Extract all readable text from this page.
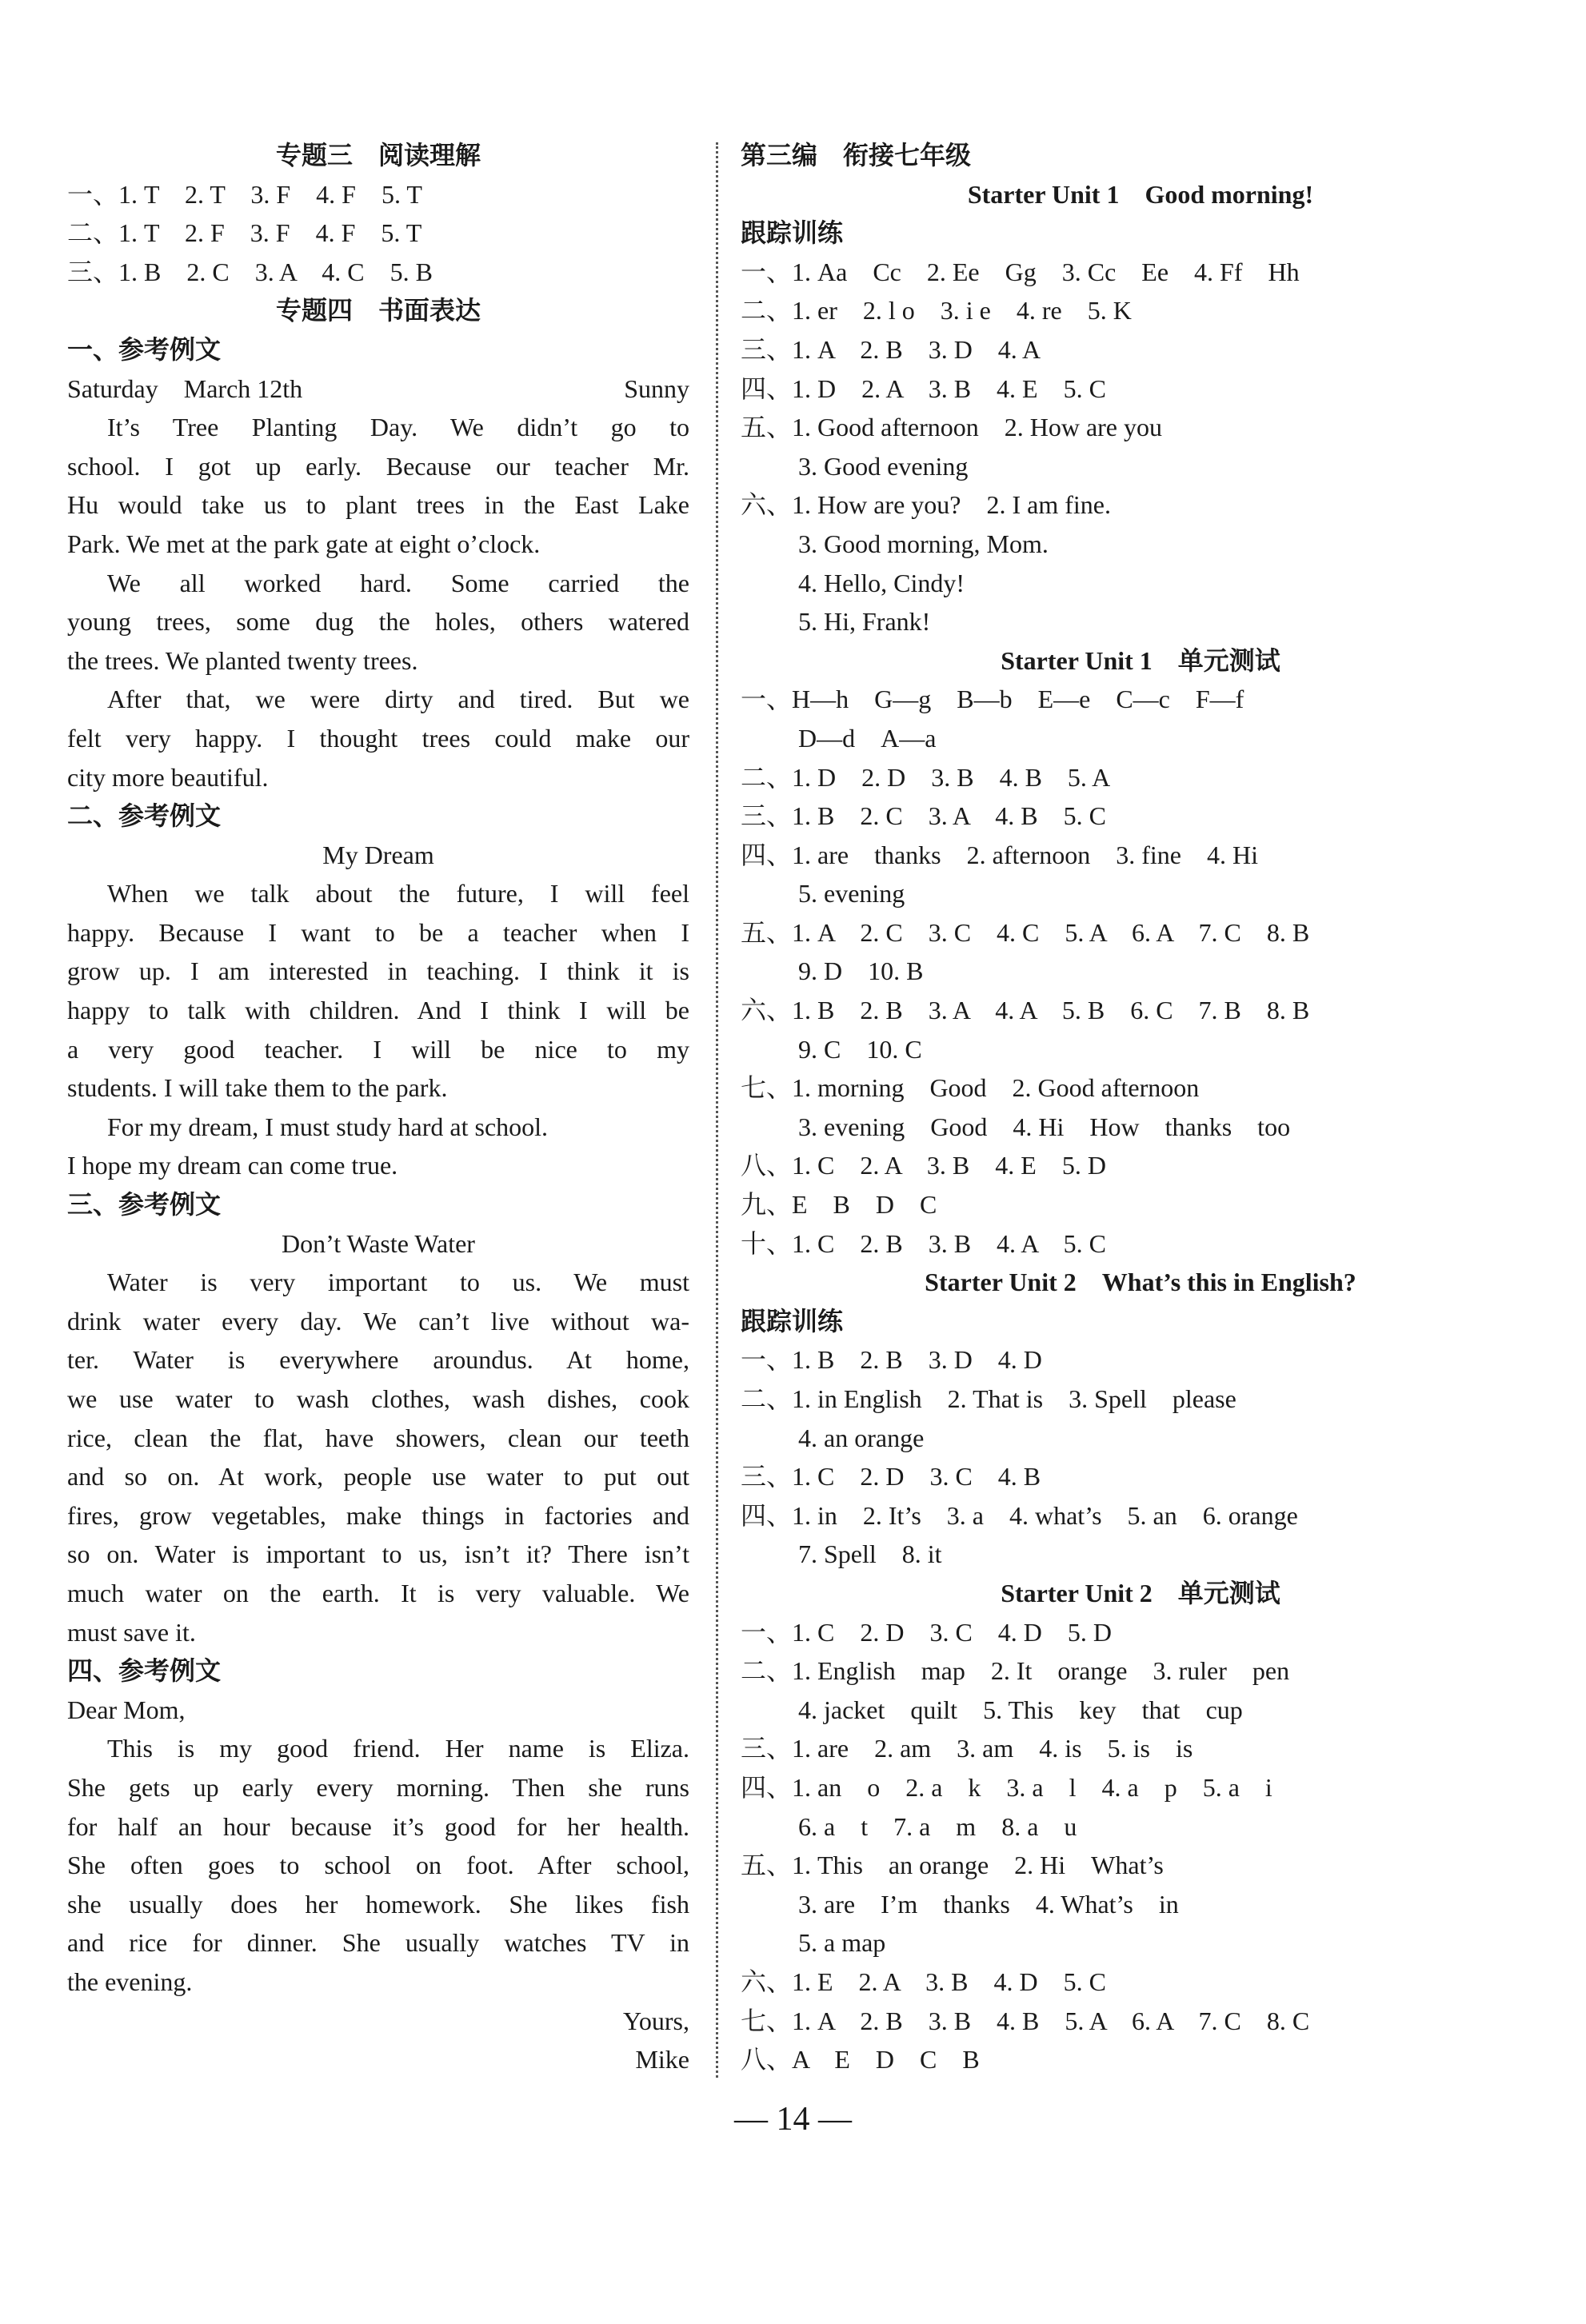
专题三　阅读理解
一、1. T　2. T　3. F　4. F　5. T
二、1. T　2. F　3. F　4. F　5. T
三、1. B　2. C　3. A　4. C　5. B
专题四　书面表达
一、参考例文
Saturday　March 12th	Sunny
It’s Tree Planting Day. We didn’t go to
school. I got up early. Because our teacher Mr.
Hu would take us to plant trees in the East Lake
Park. We met at the park gate at eight o’clock.
We all worked hard. Some carried the
young trees, some dug the holes, others watered
the trees. We planted twenty trees.
After that, we were dirty and tired. But we
felt very happy. I thought trees could make our
city more beautiful.
二、参考例文
My Dream
When we talk about the future, I will feel
happy. Because I want to be a teacher when I
grow up. I am interested in teaching. I think it is
happy to talk with children. And I think I will be
a very good teacher. I will be nice to my
students. I will take them to the park.
For my dream, I must study hard at school.
I hope my dream can come true.
三、参考例文
Don’t Waste Water
Water is very important to us. We must
drink water every day. We can’t live without wa-
ter. Water is everywhere aroundus. At home,
we use water to wash clothes, wash dishes, cook
rice, clean the flat, have showers, clean our teeth
and so on. At work, people use water to put out
fires, grow vegetables, make things in factories and
so on. Water is important to us, isn’t it? There isn’t
much water on the earth. It is very valuable. We
must save it.
四、参考例文
Dear Mom,
This is my good friend. Her name is Eliza.
She gets up early every morning. Then she runs
for half an hour because it’s good for her health.
She often goes to school on foot. After school,
she usually does her homework. She likes fish
and rice for dinner. She usually watches TV in
the evening.
Yours,
Mike
第三编　衔接七年级
Starter Unit 1　Good morning!
跟踪训练
一、1. Aa　Cc　2. Ee　Gg　3. Cc　Ee　4. Ff　Hh
二、1. er　2. l o　3. i e　4. re　5. K
三、1. A　2. B　3. D　4. A
四、1. D　2. A　3. B　4. E　5. C
五、1. Good afternoon　2. How are you
3. Good evening
六、1. How are you?　2. I am fine.
3. Good morning, Mom.
4. Hello, Cindy!
5. Hi, Frank!
Starter Unit 1　单元测试
一、H—h　G—g　B—b　E—e　C—c　F—f
D—d　A—a
二、1. D　2. D　3. B　4. B　5. A
三、1. B　2. C　3. A　4. B　5. C
四、1. are　thanks　2. afternoon　3. fine　4. Hi
5. evening
五、1. A　2. C　3. C　4. C　5. A　6. A　7. C　8. B
9. D　10. B
六、1. B　2. B　3. A　4. A　5. B　6. C　7. B　8. B
9. C　10. C
七、1. morning　Good　2. Good afternoon
3. evening　Good　4. Hi　How　thanks　too
八、1. C　2. A　3. B　4. E　5. D
九、E　B　D　C
十、1. C　2. B　3. B　4. A　5. C
Starter Unit 2　What’s this in English?
跟踪训练
一、1. B　2. B　3. D　4. D
二、1. in English　2. That is　3. Spell　please
4. an orange
三、1. C　2. D　3. C　4. B
四、1. in　2. It’s　3. a　4. what’s　5. an　6. orange
7. Spell　8. it
Starter Unit 2　单元测试
一、1. C　2. D　3. C　4. D　5. D
二、1. English　map　2. It　orange　3. ruler　pen
4. jacket　quilt　5. This　key　that　cup
三、1. are　2. am　3. am　4. is　5. is　is
四、1. an　o　2. a　k　3. a　l　4. a　p　5. a　i
6. a　t　7. a　m　8. a　u
五、1. This　an orange　2. Hi　What’s
3. are　I’m　thanks　4. What’s　in
5. a map
六、1. E　2. A　3. B　4. D　5. C
七、1. A　2. B　3. B　4. B　5. A　6. A　7. C　8. C
八、A　E　D　C　B
— 14 —
